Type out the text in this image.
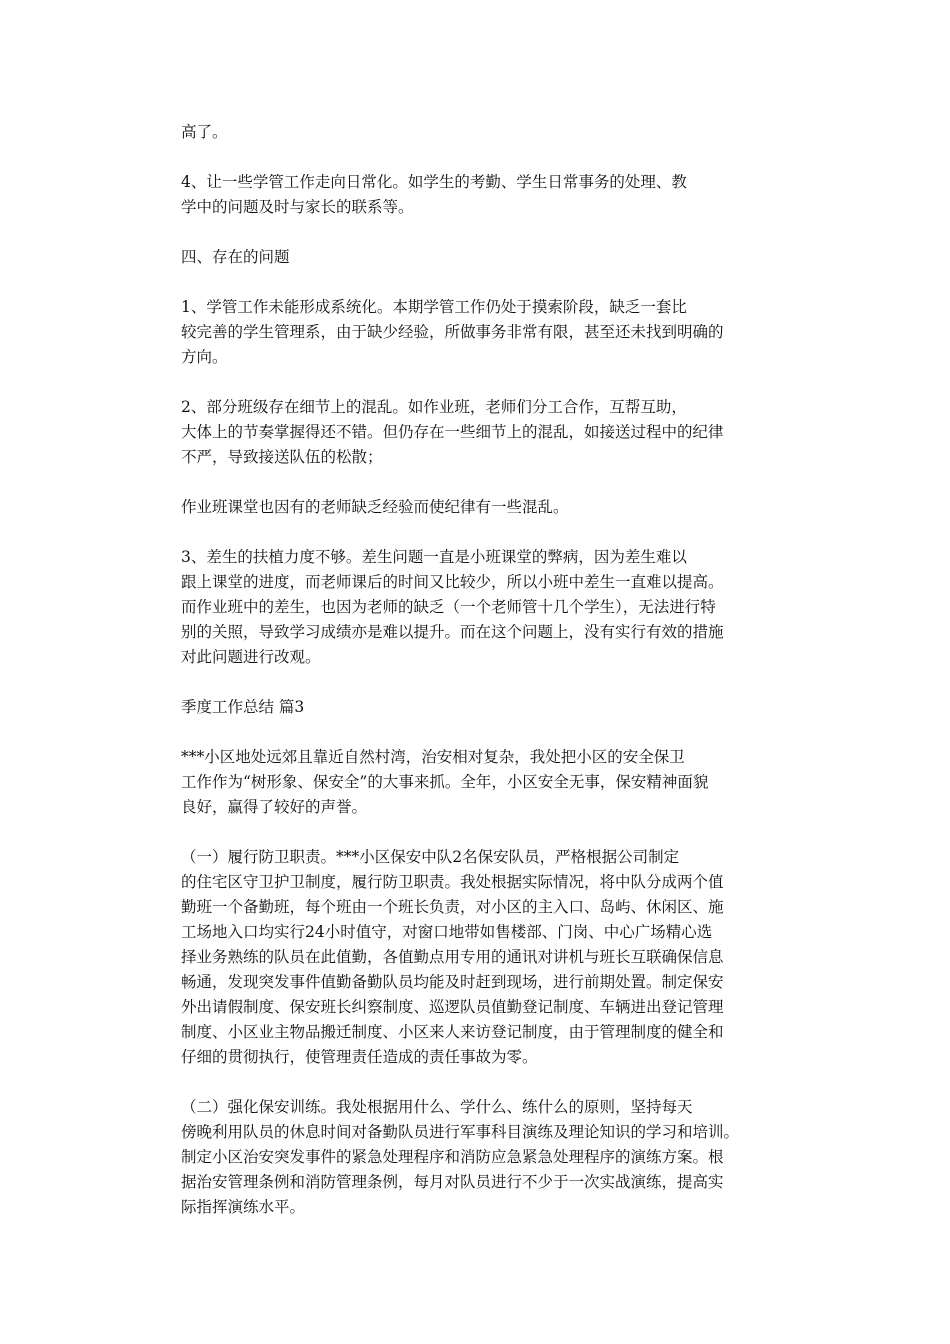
高了。
4、让一些学管工作走向日常化。如学生的考勤、学生日常事务的处理、教
学中的问题及时与家长的联系等。
四、存在的问题
1、学管工作未能形成系统化。本期学管工作仍处于摸索阶段，缺乏一套比
较完善的学生管理系，由于缺少经验，所做事务非常有限，甚至还未找到明确的
方向。
2、部分班级存在细节上的混乱。如作业班，老师们分工合作，互帮互助，
大体上的节奏掌握得还不错。但仍存在一些细节上的混乱，如接送过程中的纪律
不严，导致接送队伍的松散；
作业班课堂也因有的老师缺乏经验而使纪律有一些混乱。
3、差生的扶植力度不够。差生问题一直是小班课堂的弊病，因为差生难以
跟上课堂的进度，而老师课后的时间又比较少，所以小班中差生一直难以提高。
而作业班中的差生，也因为老师的缺乏（一个老师管十几个学生），无法进行特
别的关照，导致学习成绩亦是难以提升。而在这个问题上，没有实行有效的措施
对此问题进行改观。
季度工作总结 篇3
***小区地处远郊且靠近自然村湾，治安相对复杂，我处把小区的安全保卫
工作作为“树形象、保安全”的大事来抓。全年，小区安全无事，保安精神面貌
良好，赢得了较好的声誉。
（一）履行防卫职责。***小区保安中队2名保安队员，严格根据公司制定
的住宅区守卫护卫制度，履行防卫职责。我处根据实际情况，将中队分成两个值
勤班一个备勤班，每个班由一个班长负责，对小区的主入口、岛屿、休闲区、施
工场地入口均实行24小时值守，对窗口地带如售楼部、门岗、中心广场精心选
择业务熟练的队员在此值勤，各值勤点用专用的通讯对讲机与班长互联确保信息
畅通，发现突发事件值勤备勤队员均能及时赶到现场，进行前期处置。制定保安
外出请假制度、保安班长纠察制度、巡逻队员值勤登记制度、车辆进出登记管理
制度、小区业主物品搬迁制度、小区来人来访登记制度，由于管理制度的健全和
仔细的贯彻执行，使管理责任造成的责任事故为零。
（二）强化保安训练。我处根据用什么、学什么、练什么的原则，坚持每天
傍晚利用队员的休息时间对备勤队员进行军事科目演练及理论知识的学习和培训。
制定小区治安突发事件的紧急处理程序和消防应急紧急处理程序的演练方案。根
据治安管理条例和消防管理条例，每月对队员进行不少于一次实战演练，提高实
际指挥演练水平。
